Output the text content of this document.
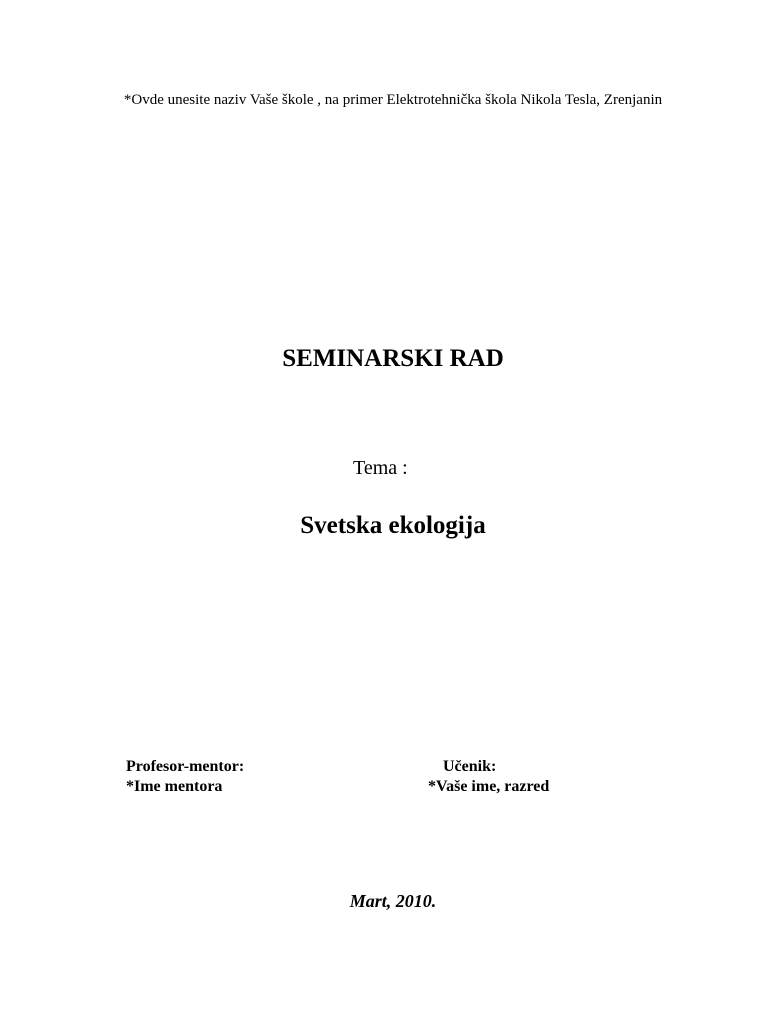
*Ovde unesite naziv Vaše škole , na primer Elektrotehnička škola Nikola Tesla, Zrenjanin
SEMINARSKI RAD
Tema :
Svetska ekologija
Profesor-mentor:
*Ime mentora
Učenik:
*Vaše ime, razred
Mart, 2010.
